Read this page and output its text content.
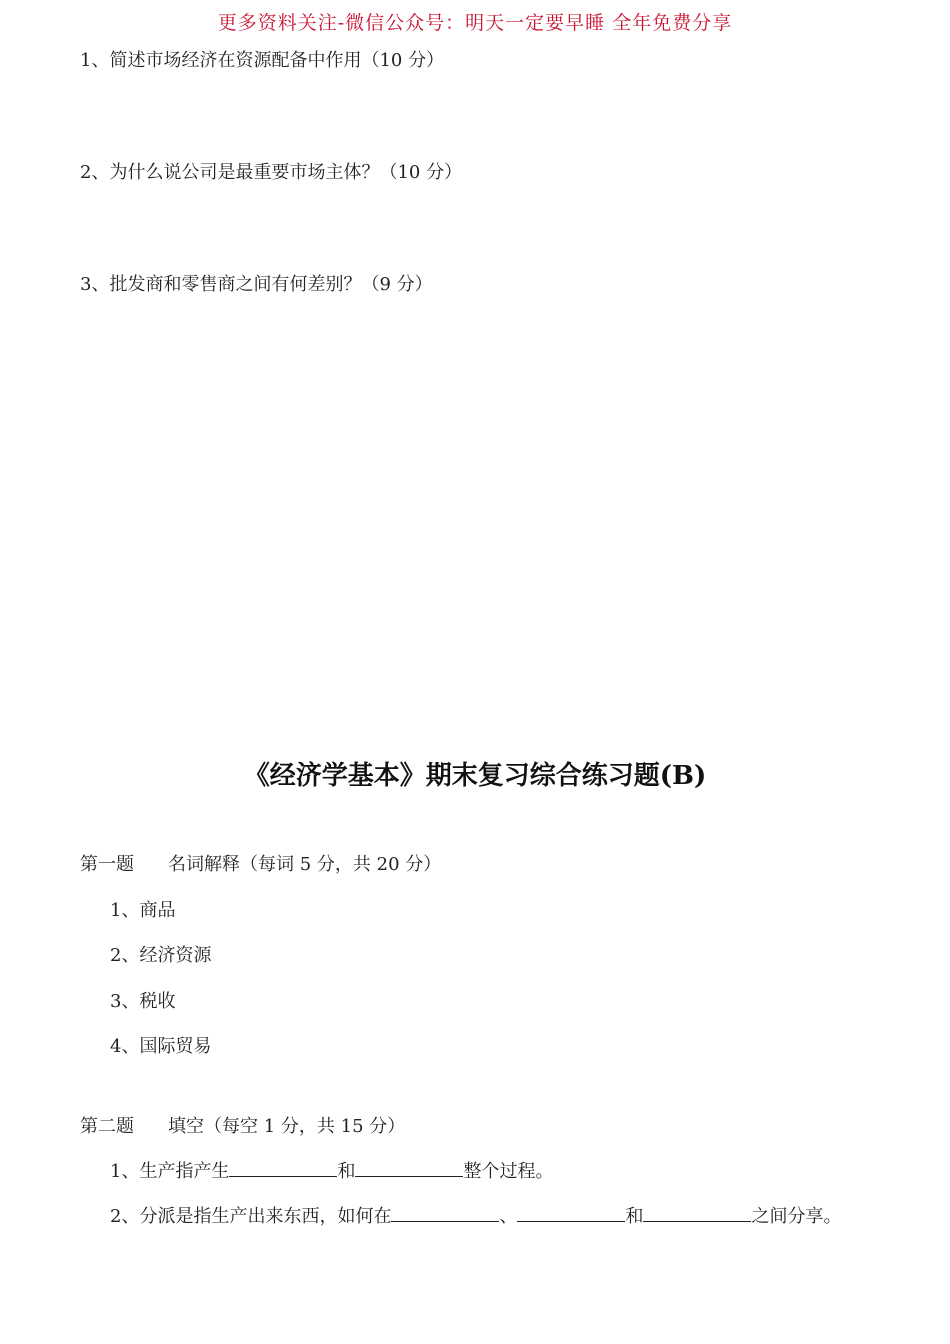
更多资料关注-微信公众号：明天一定要早睡 全年免费分享
1、简述市场经济在资源配备中作用（10 分）
2、为什么说公司是最重要市场主体？（10 分）
3、批发商和零售商之间有何差别？（9 分）
《经济学基本》期末复习综合练习题(B)
第一题 名词解释（每词 5 分，共 20 分）
1、商品
2、经济资源
3、税收
4、国际贸易
第二题 填空（每空 1 分，共 15 分）
1、生产指产生	和	整个过程。
2、分派是指生产出来东西，如何在	、	和	之间分享。
